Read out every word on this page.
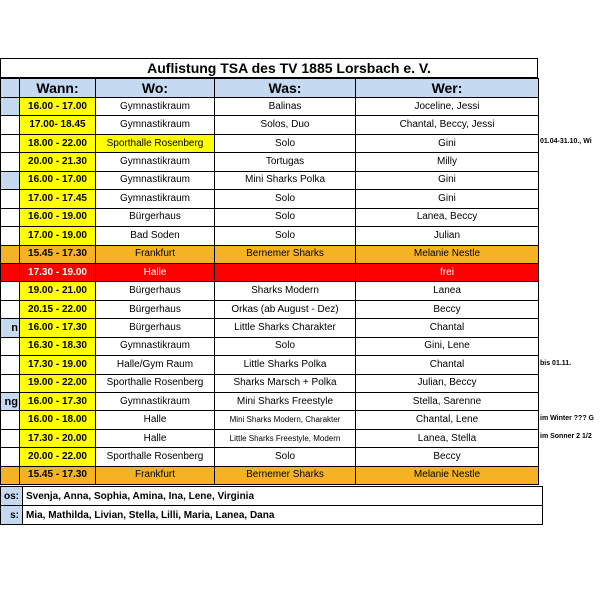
Auflistung TSA des TV 1885 Lorsbach e. V.
	Wann:	Wo:	Was:	Wer:
	16.00 - 17.00	Gymnastikraum	Balinas	Joceline, Jessi
	17.00- 18.45	Gymnastikraum	Solos, Duo	Chantal, Beccy, Jessi
	18.00 - 22.00	Sporthalle Rosenberg	Solo	Gini
	20.00 - 21.30	Gymnastikraum	Tortugas	Milly
	16.00 - 17.00	Gymnastikraum	Mini Sharks Polka	Gini
	17.00 - 17.45	Gymnastikraum	Solo	Gini
	16.00 - 19.00	Bürgerhaus	Solo	Lanea, Beccy
	17.00 - 19.00	Bad Soden	Solo	Julian
	15.45 - 17.30	Frankfurt	Bernemer Sharks	Melanie Nestle
	17.30 - 19.00	Halle		frei
	19.00 - 21.00	Bürgerhaus	Sharks Modern	Lanea
	20.15 - 22.00	Bürgerhaus	Orkas (ab August - Dez)	Beccy
n	16.00 - 17.30	Bürgerhaus	Little Sharks Charakter	Chantal
	16.30 - 18.30	Gymnastikraum	Solo	Gini, Lene
	17.30 - 19.00	Halle/Gym Raum	Little Sharks Polka	Chantal
	19.00 - 22.00	Sporthalle Rosenberg	Sharks Marsch + Polka	Julian, Beccy
ng	16.00 - 17.30	Gymnastikraum	Mini Sharks Freestyle	Stella, Sarenne
	16.00 - 18.00	Halle	Mini Sharks Modern, Charakter	Chantal, Lene
	17.30 - 20.00	Halle	Little Sharks Freestyle, Modern	Lanea, Stella
	20.00 - 22.00	Sporthalle Rosenberg	Solo	Beccy
	15.45 - 17.30	Frankfurt	Bernemer Sharks	Melanie Nestle
01.04-31.10., Wi
bis 01.11.
im Winter ??? G
im Sonner 2 1/2
os:	Svenja, Anna, Sophia, Amina, Ina, Lene, Virginia
s:	Mia, Mathilda, Livian, Stella, Lilli, Maria, Lanea, Dana
